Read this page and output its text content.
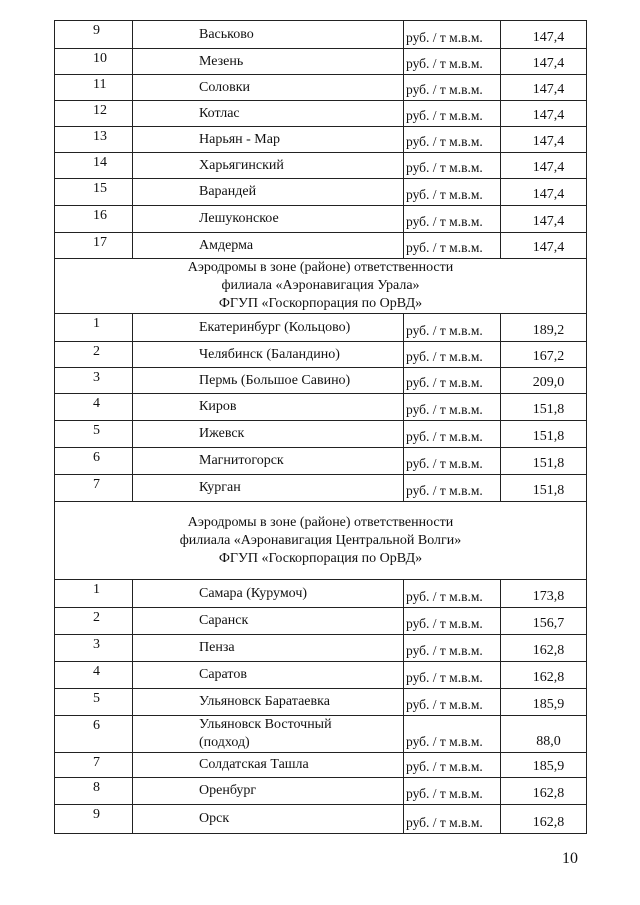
9	Васьково	руб. / т м.в.м.	147,4
10	Мезень	руб. / т м.в.м.	147,4
11	Соловки	руб. / т м.в.м.	147,4
12	Котлас	руб. / т м.в.м.	147,4
13	Нарьян - Мар	руб. / т м.в.м.	147,4
14	Харьягинский	руб. / т м.в.м.	147,4
15	Варандей	руб. / т м.в.м.	147,4
16	Лешуконское	руб. / т м.в.м.	147,4
17	Амдерма	руб. / т м.в.м.	147,4

Аэродромы в зоне (районе) ответственности
филиала «Аэронавигация Урала»
ФГУП «Госкорпорация по ОрВД»			

1	Екатеринбург (Кольцово)	руб. / т м.в.м.	189,2
2	Челябинск (Баландино)	руб. / т м.в.м.	167,2
3	Пермь (Большое Савино)	руб. / т м.в.м.	209,0
4	Киров	руб. / т м.в.м.	151,8
5	Ижевск	руб. / т м.в.м.	151,8
6	Магнитогорск	руб. / т м.в.м.	151,8
7	Курган	руб. / т м.в.м.	151,8

Аэродромы в зоне (районе) ответственности
филиала «Аэронавигация Центральной Волги»
ФГУП «Госкорпорация по ОрВД»			

1	Самара (Курумоч)	руб. / т м.в.м.	173,8
2	Саранск	руб. / т м.в.м.	156,7
3	Пенза	руб. / т м.в.м.	162,8
4	Саратов	руб. / т м.в.м.	162,8
5	Ульяновск Баратаевка	руб. / т м.в.м.	185,9
6	Ульяновск Восточный
(подход)	руб. / т м.в.м.	88,0
7	Солдатская Ташла	руб. / т м.в.м.	185,9
8	Оренбург	руб. / т м.в.м.	162,8
9	Орск	руб. / т м.в.м.	162,8
10
